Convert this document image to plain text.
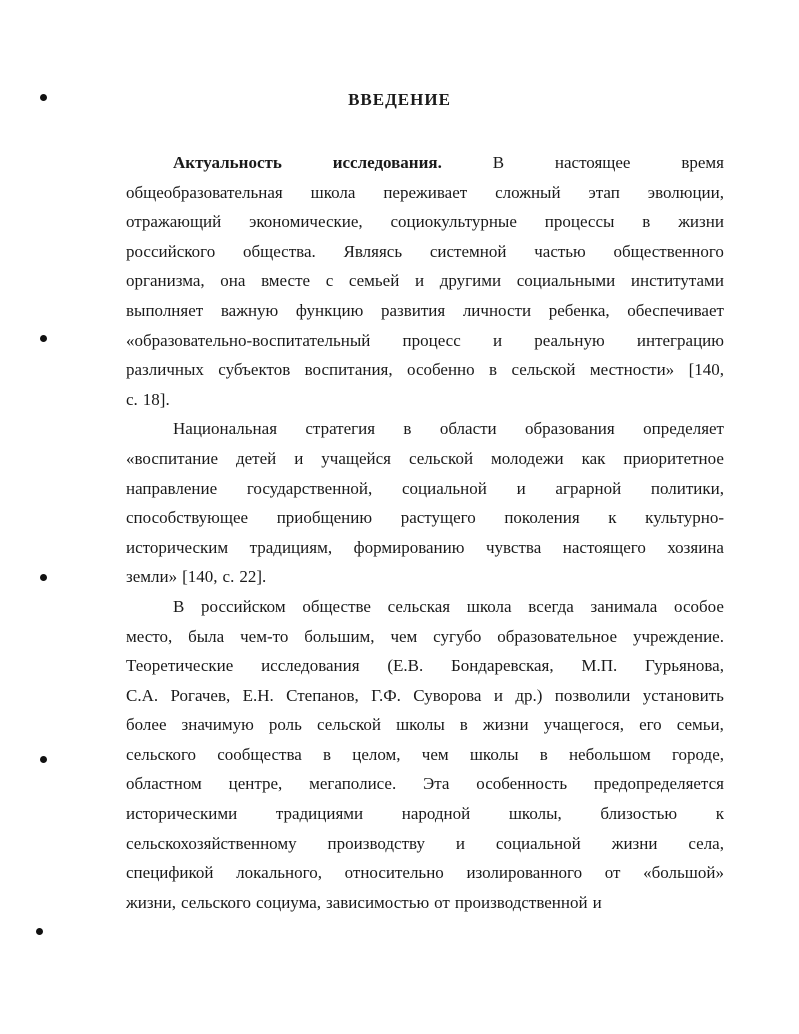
ВВЕДЕНИЕ
Актуальность	исследования.	В	настоящее	время
общеобразовательная школа переживает сложный этап эволюции,
отражающий экономические, социокультурные процессы в жизни
российского общества. Являясь системной частью общественного
организма, она вместе с семьей и другими социальными институтами
выполняет важную функцию развития личности ребенка, обеспечивает
«образовательно-воспитательный процесс и реальную интеграцию
различных субъектов воспитания, особенно в сельской местности» [140,
с. 18].
Национальная стратегия в области образования определяет
«воспитание детей и учащейся сельской молодежи как приоритетное
направление государственной, социальной и аграрной политики,
способствующее приобщению растущего поколения к культурно-
историческим традициям, формированию чувства настоящего хозяина
земли» [140, с. 22].
В российском обществе сельская школа всегда занимала особое
место, была чем-то большим, чем сугубо образовательное учреждение.
Теоретические исследования (Е.В. Бондаревская, М.П. Гурьянова,
С.А. Рогачев, Е.Н. Степанов, Г.Ф. Суворова и др.) позволили установить
более значимую роль сельской школы в жизни учащегося, его семьи,
сельского сообщества в целом, чем школы в небольшом городе,
областном центре, мегаполисе. Эта особенность предопределяется
историческими традициями народной школы, близостью к
сельскохозяйственному производству и социальной жизни села,
спецификой локального, относительно изолированного от «большой»
жизни, сельского социума, зависимостью от производственной и
